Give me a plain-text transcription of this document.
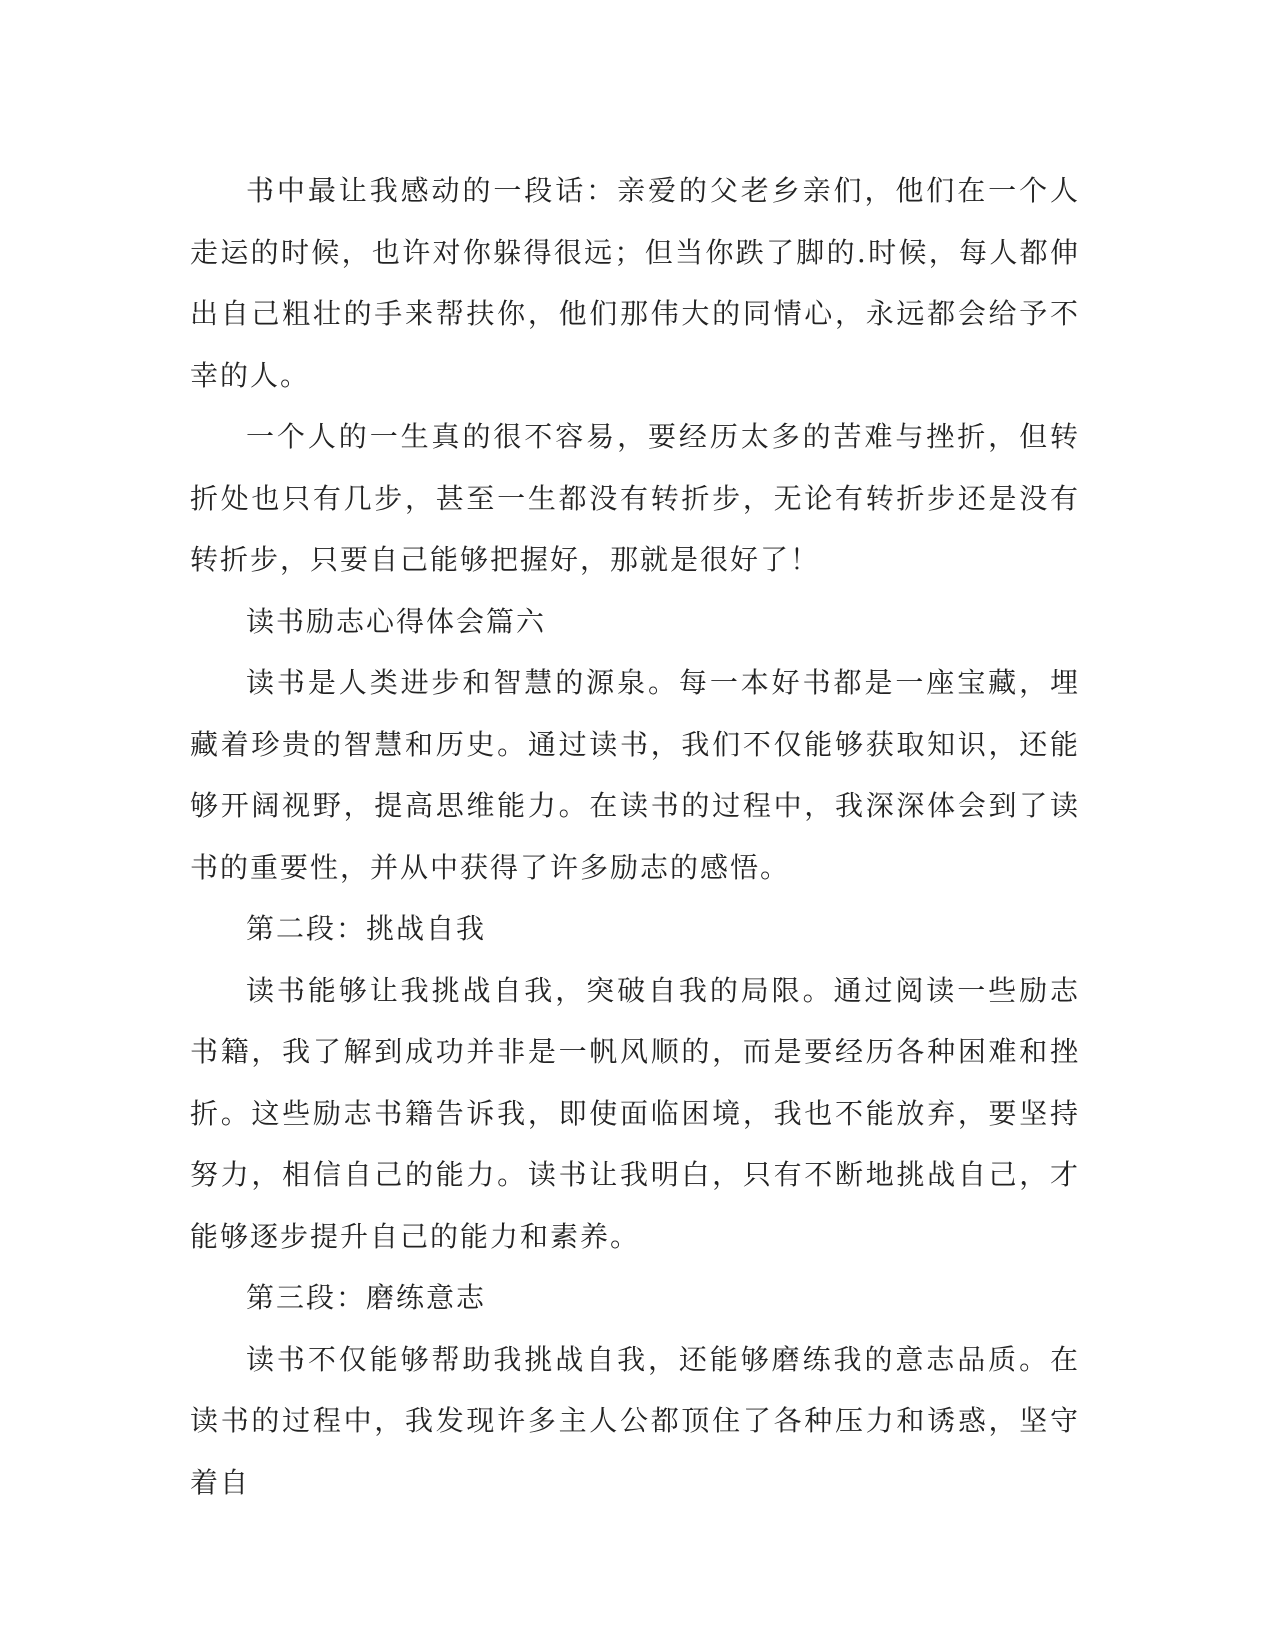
书中最让我感动的一段话：亲爱的父老乡亲们，他们在一个人走运的时候，也许对你躲得很远；但当你跌了脚的.时候，每人都伸出自己粗壮的手来帮扶你，他们那伟大的同情心，永远都会给予不幸的人。

一个人的一生真的很不容易，要经历太多的苦难与挫折，但转折处也只有几步，甚至一生都没有转折步，无论有转折步还是没有转折步，只要自己能够把握好，那就是很好了！

读书励志心得体会篇六

读书是人类进步和智慧的源泉。每一本好书都是一座宝藏，埋藏着珍贵的智慧和历史。通过读书，我们不仅能够获取知识，还能够开阔视野，提高思维能力。在读书的过程中，我深深体会到了读书的重要性，并从中获得了许多励志的感悟。

第二段：挑战自我

读书能够让我挑战自我，突破自我的局限。通过阅读一些励志书籍，我了解到成功并非是一帆风顺的，而是要经历各种困难和挫折。这些励志书籍告诉我，即使面临困境，我也不能放弃，要坚持努力，相信自己的能力。读书让我明白，只有不断地挑战自己，才能够逐步提升自己的能力和素养。

第三段：磨练意志

读书不仅能够帮助我挑战自我，还能够磨练我的意志品质。在读书的过程中，我发现许多主人公都顶住了各种压力和诱惑，坚守着自
